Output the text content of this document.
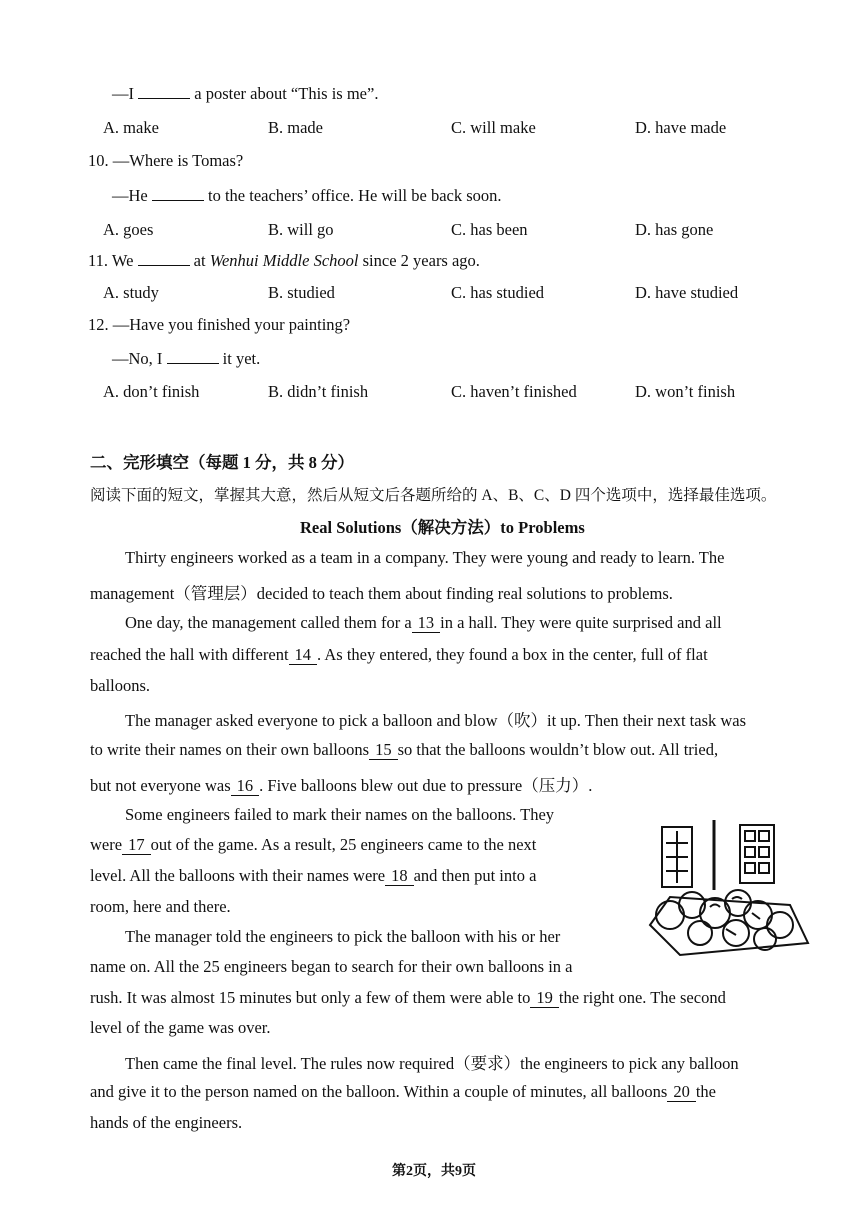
—I	a poster about “This is me”.
A. make	B. made	C. will make	D. have made
10. —Where is Tomas?
—He	to the teachers’ office. He will be back soon.
A. goes	B. will go	C. has been	D. has gone
11. We	at Wenhui Middle School since 2 years ago.
A. study	B. studied	C. has studied	D. have studied
12. —Have you finished your painting?
—No, I	it yet.
A. don’t finish	B. didn’t finish	C. haven’t finished	D. won’t finish
二、完形填空（每题 1 分，共 8 分）
阅读下面的短文，掌握其大意，然后从短文后各题所给的 A、B、C、D 四个选项中，选择最佳选项。
Real Solutions（解决方法）to Problems
Thirty engineers worked as a team in a company. They were young and ready to learn. The
management（管理层）decided to teach them about finding real solutions to problems.
One day, the management called them for a 13 in a hall. They were quite surprised and all
reached the hall with different 14 . As they entered, they found a box in the center, full of flat
balloons.
The manager asked everyone to pick a balloon and blow（吹）it up. Then their next task was
to write their names on their own balloons 15 so that the balloons wouldn’t blow out. All tried,
but not everyone was 16 . Five balloons blew out due to pressure（压力）.
Some engineers failed to mark their names on the balloons. They
were 17 out of the game. As a result, 25 engineers came to the next
level. All the balloons with their names were 18 and then put into a
room, here and there.
The manager told the engineers to pick the balloon with his or her
name on. All the 25 engineers began to search for their own balloons in a
rush. It was almost 15 minutes but only a few of them were able to 19 the right one. The second
level of the game was over.
Then came the final level. The rules now required（要求）the engineers to pick any balloon
and give it to the person named on the balloon. Within a couple of minutes, all balloons 20 the
hands of the engineers.
第2页，共9页
